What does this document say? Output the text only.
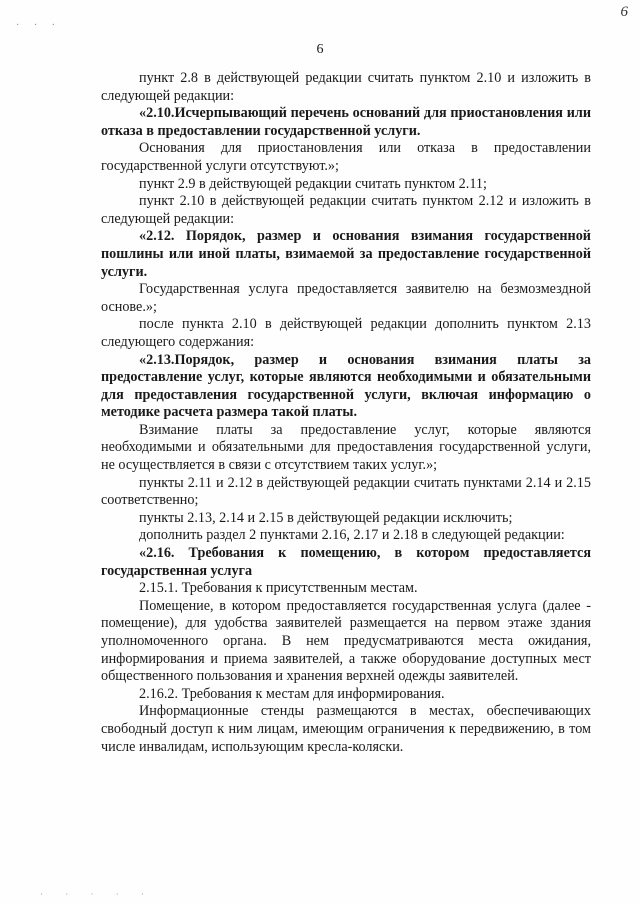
· · ·
6
6

пункт 2.8 в действующей редакции считать пунктом 2.10 и изложить в следующей редакции:

«2.10.Исчерпывающий перечень оснований для приостановления или отказа в предоставлении государственной услуги.

Основания для приостановления или отказа в предоставлении государственной услуги отсутствуют.»;

пункт 2.9 в действующей редакции считать пунктом 2.11;

пункт 2.10 в действующей редакции считать пунктом 2.12 и изложить в следующей редакции:

«2.12. Порядок, размер и основания взимания государственной пошлины или иной платы, взимаемой за предоставление государственной услуги.

Государственная услуга предоставляется заявителю на безмозмездной основе.»;

после пункта 2.10 в действующей редакции дополнить пунктом 2.13 следующего содержания:

«2.13.Порядок, размер и основания взимания платы за предоставление услуг, которые являются необходимыми и обязательными для предоставления государственной услуги, включая информацию о методике расчета размера такой платы.

Взимание платы за предоставление услуг, которые являются необходимыми и обязательными для предоставления государственной услуги, не осуществляется в связи с отсутствием таких услуг.»;

пункты 2.11 и 2.12 в действующей редакции считать пунктами 2.14 и 2.15 соответственно;

пункты 2.13, 2.14 и 2.15 в действующей редакции исключить;

дополнить раздел 2 пунктами 2.16, 2.17 и 2.18 в следующей редакции:

«2.16. Требования к помещению, в котором предоставляется государственная услуга

2.15.1. Требования к присутственным местам.

Помещение, в котором предоставляется государственная услуга (далее - помещение), для удобства заявителей размещается на первом этаже здания уполномоченного органа. В нем предусматриваются места ожидания, информирования и приема заявителей, а также оборудование доступных мест общественного пользования и хранения верхней одежды заявителей.

2.16.2. Требования к местам для информирования.

Информационные стенды размещаются в местах, обеспечивающих свободный доступ к ним лицам, имеющим ограничения к передвижению, в том числе инвалидам, использующим кресла-коляски.

· · · · ·
